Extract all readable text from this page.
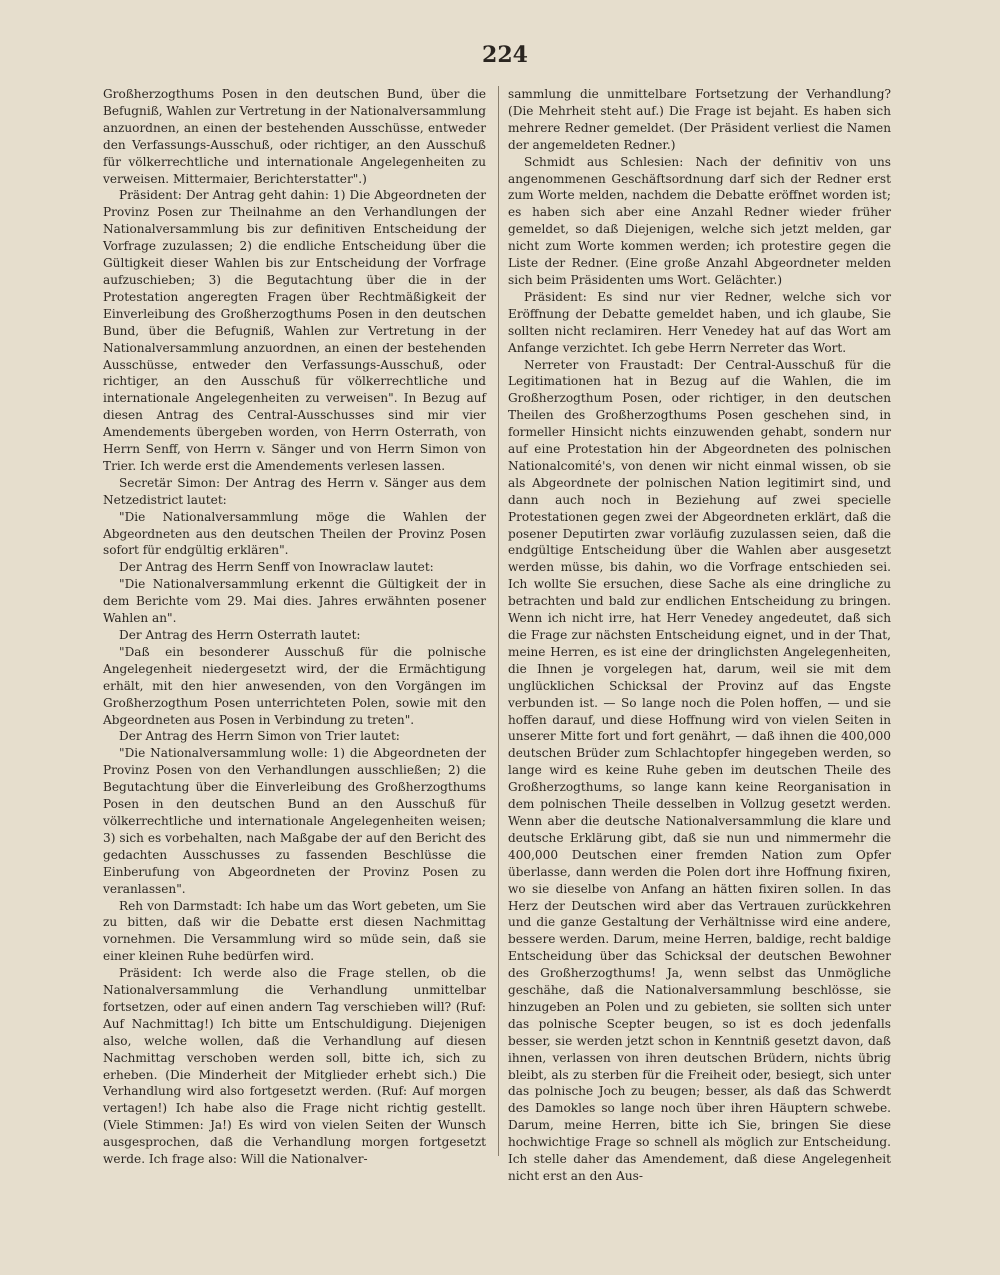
224

Großherzogthums Posen in den deutschen Bund, über die Befugniß, Wahlen zur Vertretung in der Nationalversammlung anzuordnen, an einen der bestehenden Ausschüsse, entweder den Verfassungs-Ausschuß, oder richtiger, an den Ausschuß für völkerrechtliche und internationale Angelegenheiten zu verweisen. Mittermaier, Berichterstatter".)

Präsident: Der Antrag geht dahin: 1) Die Abgeordneten der Provinz Posen zur Theilnahme an den Verhandlungen der Nationalversammlung bis zur definitiven Entscheidung der Vorfrage zuzulassen; 2) die endliche Entscheidung über die Gültigkeit dieser Wahlen bis zur Entscheidung der Vorfrage aufzuschieben; 3) die Begutachtung über die in der Protestation angeregten Fragen über Rechtmäßigkeit der Einverleibung des Großherzogthums Posen in den deutschen Bund, über die Befugniß, Wahlen zur Vertretung in der Nationalversammlung anzuordnen, an einen der bestehenden Ausschüsse, entweder den Verfassungs-Ausschuß, oder richtiger, an den Ausschuß für völkerrechtliche und internationale Angelegenheiten zu verweisen". In Bezug auf diesen Antrag des Central-Ausschusses sind mir vier Amendements übergeben worden, von Herrn Osterrath, von Herrn Senff, von Herrn v. Sänger und von Herrn Simon von Trier. Ich werde erst die Amendements verlesen lassen.

Secretär Simon: Der Antrag des Herrn v. Sänger aus dem Netzedistrict lautet:

"Die Nationalversammlung möge die Wahlen der Abgeordneten aus den deutschen Theilen der Provinz Posen sofort für endgültig erklären".

Der Antrag des Herrn Senff von Inowraclaw lautet:

"Die Nationalversammlung erkennt die Gültigkeit der in dem Berichte vom 29. Mai dies. Jahres erwähnten posener Wahlen an".

Der Antrag des Herrn Osterrath lautet:

"Daß ein besonderer Ausschuß für die polnische Angelegenheit niedergesetzt wird, der die Ermächtigung erhält, mit den hier anwesenden, von den Vorgängen im Großherzogthum Posen unterrichteten Polen, sowie mit den Abgeordneten aus Posen in Verbindung zu treten".

Der Antrag des Herrn Simon von Trier lautet:

"Die Nationalversammlung wolle: 1) die Abgeordneten der Provinz Posen von den Verhandlungen ausschließen; 2) die Begutachtung über die Einverleibung des Großherzogthums Posen in den deutschen Bund an den Ausschuß für völkerrechtliche und internationale Angelegenheiten weisen; 3) sich es vorbehalten, nach Maßgabe der auf den Bericht des gedachten Ausschusses zu fassenden Beschlüsse die Einberufung von Abgeordneten der Provinz Posen zu veranlassen".

Reh von Darmstadt: Ich habe um das Wort gebeten, um Sie zu bitten, daß wir die Debatte erst diesen Nachmittag vornehmen. Die Versammlung wird so müde sein, daß sie einer kleinen Ruhe bedürfen wird.

Präsident: Ich werde also die Frage stellen, ob die Nationalversammlung die Verhandlung unmittelbar fortsetzen, oder auf einen andern Tag verschieben will? (Ruf: Auf Nachmittag!) Ich bitte um Entschuldigung. Diejenigen also, welche wollen, daß die Verhandlung auf diesen Nachmittag verschoben werden soll, bitte ich, sich zu erheben. (Die Minderheit der Mitglieder erhebt sich.) Die Verhandlung wird also fortgesetzt werden. (Ruf: Auf morgen vertagen!) Ich habe also die Frage nicht richtig gestellt. (Viele Stimmen: Ja!) Es wird von vielen Seiten der Wunsch ausgesprochen, daß die Verhandlung morgen fortgesetzt werde. Ich frage also: Will die Nationalver-

sammlung die unmittelbare Fortsetzung der Verhandlung? (Die Mehrheit steht auf.) Die Frage ist bejaht. Es haben sich mehrere Redner gemeldet. (Der Präsident verliest die Namen der angemeldeten Redner.)

Schmidt aus Schlesien: Nach der definitiv von uns angenommenen Geschäftsordnung darf sich der Redner erst zum Worte melden, nachdem die Debatte eröffnet worden ist; es haben sich aber eine Anzahl Redner wieder früher gemeldet, so daß Diejenigen, welche sich jetzt melden, gar nicht zum Worte kommen werden; ich protestire gegen die Liste der Redner. (Eine große Anzahl Abgeordneter melden sich beim Präsidenten ums Wort. Gelächter.)

Präsident: Es sind nur vier Redner, welche sich vor Eröffnung der Debatte gemeldet haben, und ich glaube, Sie sollten nicht reclamiren. Herr Venedey hat auf das Wort am Anfange verzichtet. Ich gebe Herrn Nerreter das Wort.

Nerreter von Fraustadt: Der Central-Ausschuß für die Legitimationen hat in Bezug auf die Wahlen, die im Großherzogthum Posen, oder richtiger, in den deutschen Theilen des Großherzogthums Posen geschehen sind, in formeller Hinsicht nichts einzuwenden gehabt, sondern nur auf eine Protestation hin der Abgeordneten des polnischen Nationalcomité's, von denen wir nicht einmal wissen, ob sie als Abgeordnete der polnischen Nation legitimirt sind, und dann auch noch in Beziehung auf zwei specielle Protestationen gegen zwei der Abgeordneten erklärt, daß die posener Deputirten zwar vorläufig zuzulassen seien, daß die endgültige Entscheidung über die Wahlen aber ausgesetzt werden müsse, bis dahin, wo die Vorfrage entschieden sei. Ich wollte Sie ersuchen, diese Sache als eine dringliche zu betrachten und bald zur endlichen Entscheidung zu bringen. Wenn ich nicht irre, hat Herr Venedey angedeutet, daß sich die Frage zur nächsten Entscheidung eignet, und in der That, meine Herren, es ist eine der dringlichsten Angelegenheiten, die Ihnen je vorgelegen hat, darum, weil sie mit dem unglücklichen Schicksal der Provinz auf das Engste verbunden ist. — So lange noch die Polen hoffen, — und sie hoffen darauf, und diese Hoffnung wird von vielen Seiten in unserer Mitte fort und fort genährt, — daß ihnen die 400,000 deutschen Brüder zum Schlachtopfer hingegeben werden, so lange wird es keine Ruhe geben im deutschen Theile des Großherzogthums, so lange kann keine Reorganisation in dem polnischen Theile desselben in Vollzug gesetzt werden. Wenn aber die deutsche Nationalversammlung die klare und deutsche Erklärung gibt, daß sie nun und nimmermehr die 400,000 Deutschen einer fremden Nation zum Opfer überlasse, dann werden die Polen dort ihre Hoffnung fixiren, wo sie dieselbe von Anfang an hätten fixiren sollen. In das Herz der Deutschen wird aber das Vertrauen zurückkehren und die ganze Gestaltung der Verhältnisse wird eine andere, bessere werden. Darum, meine Herren, baldige, recht baldige Entscheidung über das Schicksal der deutschen Bewohner des Großherzogthums! Ja, wenn selbst das Unmögliche geschähe, daß die Nationalversammlung beschlösse, sie hinzugeben an Polen und zu gebieten, sie sollten sich unter das polnische Scepter beugen, so ist es doch jedenfalls besser, sie werden jetzt schon in Kenntniß gesetzt davon, daß ihnen, verlassen von ihren deutschen Brüdern, nichts übrig bleibt, als zu sterben für die Freiheit oder, besiegt, sich unter das polnische Joch zu beugen; besser, als daß das Schwerdt des Damokles so lange noch über ihren Häuptern schwebe. Darum, meine Herren, bitte ich Sie, bringen Sie diese hochwichtige Frage so schnell als möglich zur Entscheidung. Ich stelle daher das Amendement, daß diese Angelegenheit nicht erst an den Aus-
